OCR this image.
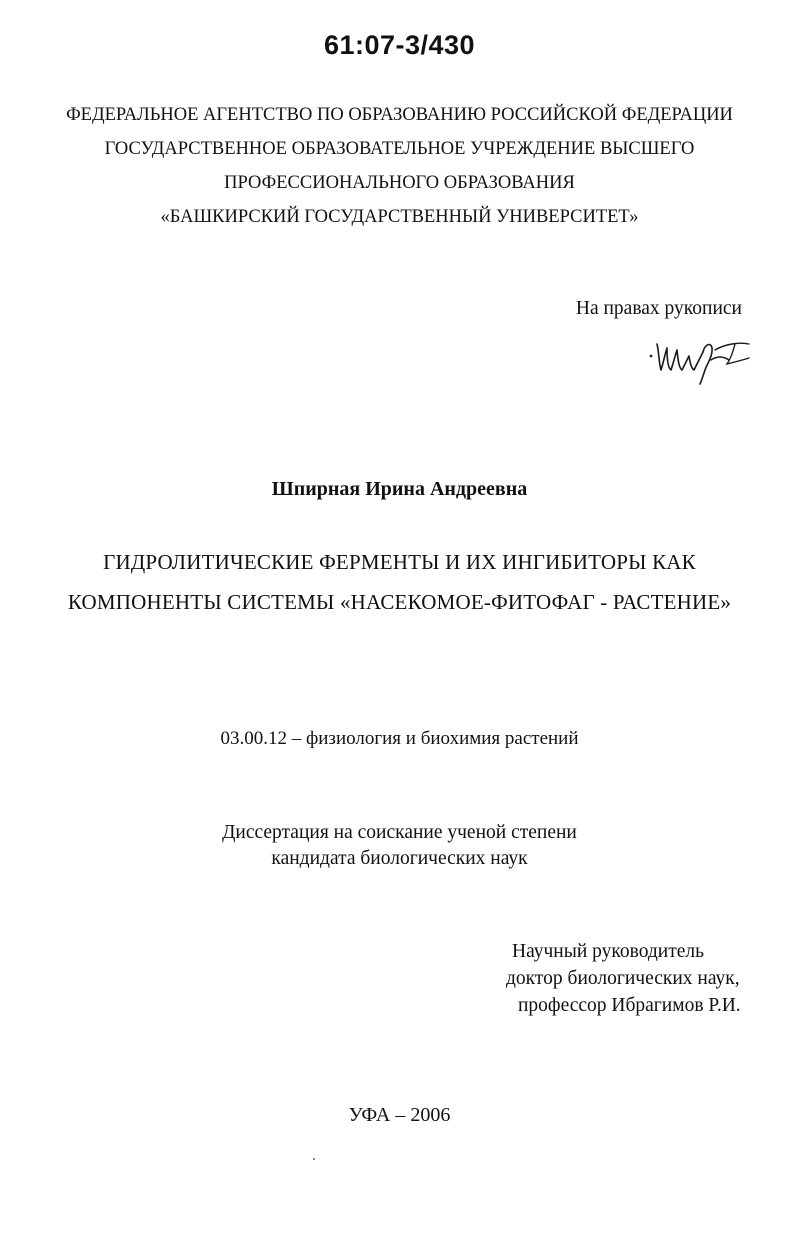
61:07-3/430
ФЕДЕРАЛЬНОЕ АГЕНТСТВО ПО ОБРАЗОВАНИЮ РОССИЙСКОЙ ФЕДЕРАЦИИ
ГОСУДАРСТВЕННОЕ ОБРАЗОВАТЕЛЬНОЕ УЧРЕЖДЕНИЕ ВЫСШЕГО
ПРОФЕССИОНАЛЬНОГО ОБРАЗОВАНИЯ
«БАШКИРСКИЙ ГОСУДАРСТВЕННЫЙ УНИВЕРСИТЕТ»
На правах рукописи
Шпирная Ирина Андреевна
ГИДРОЛИТИЧЕСКИЕ ФЕРМЕНТЫ И ИХ ИНГИБИТОРЫ КАК
КОМПОНЕНТЫ СИСТЕМЫ «НАСЕКОМОЕ-ФИТОФАГ - РАСТЕНИЕ»
03.00.12 – физиология и биохимия растений
Диссертация на соискание ученой степени
кандидата биологических наук
Научный руководитель
доктор биологических наук,
профессор Ибрагимов Р.И.
УФА – 2006
